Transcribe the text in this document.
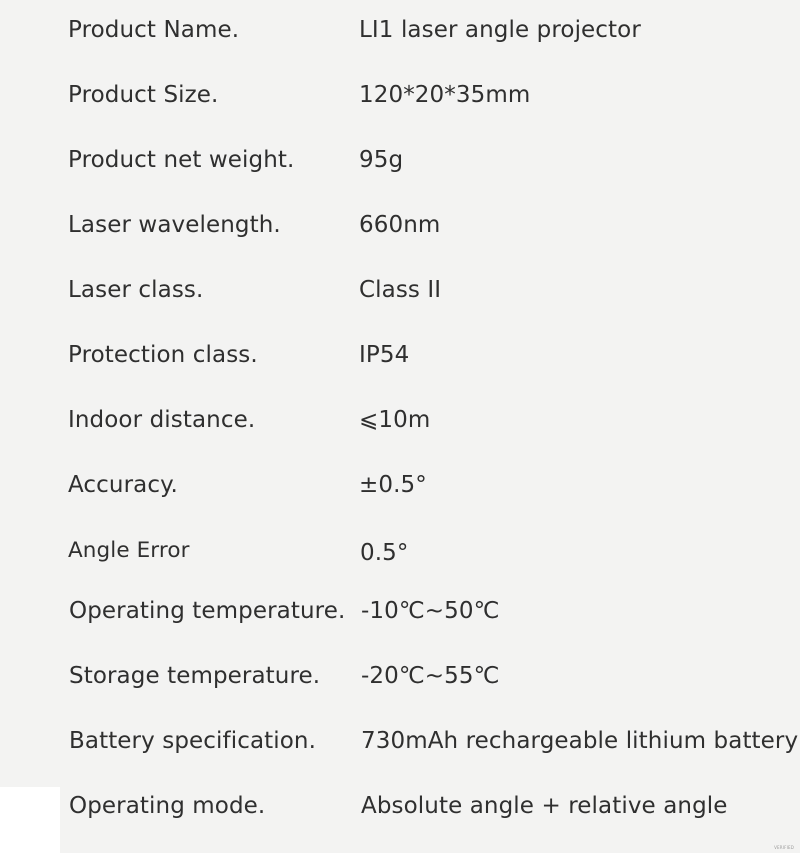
Product Name.	LI1 laser angle projector
Product Size.	120*20*35mm
Product net weight.	95g
Laser wavelength.	660nm
Laser class.	Class II
Protection class.	IP54
Indoor distance.	⩽10m
Accuracy.	±0.5°
Angle Error	0.5°
Operating temperature. -10℃~50℃
Storage temperature. -20℃~55℃
Battery specification. 730mAh rechargeable lithium battery
Operating mode.	Absolute angle + relative angle
VERIFIED
